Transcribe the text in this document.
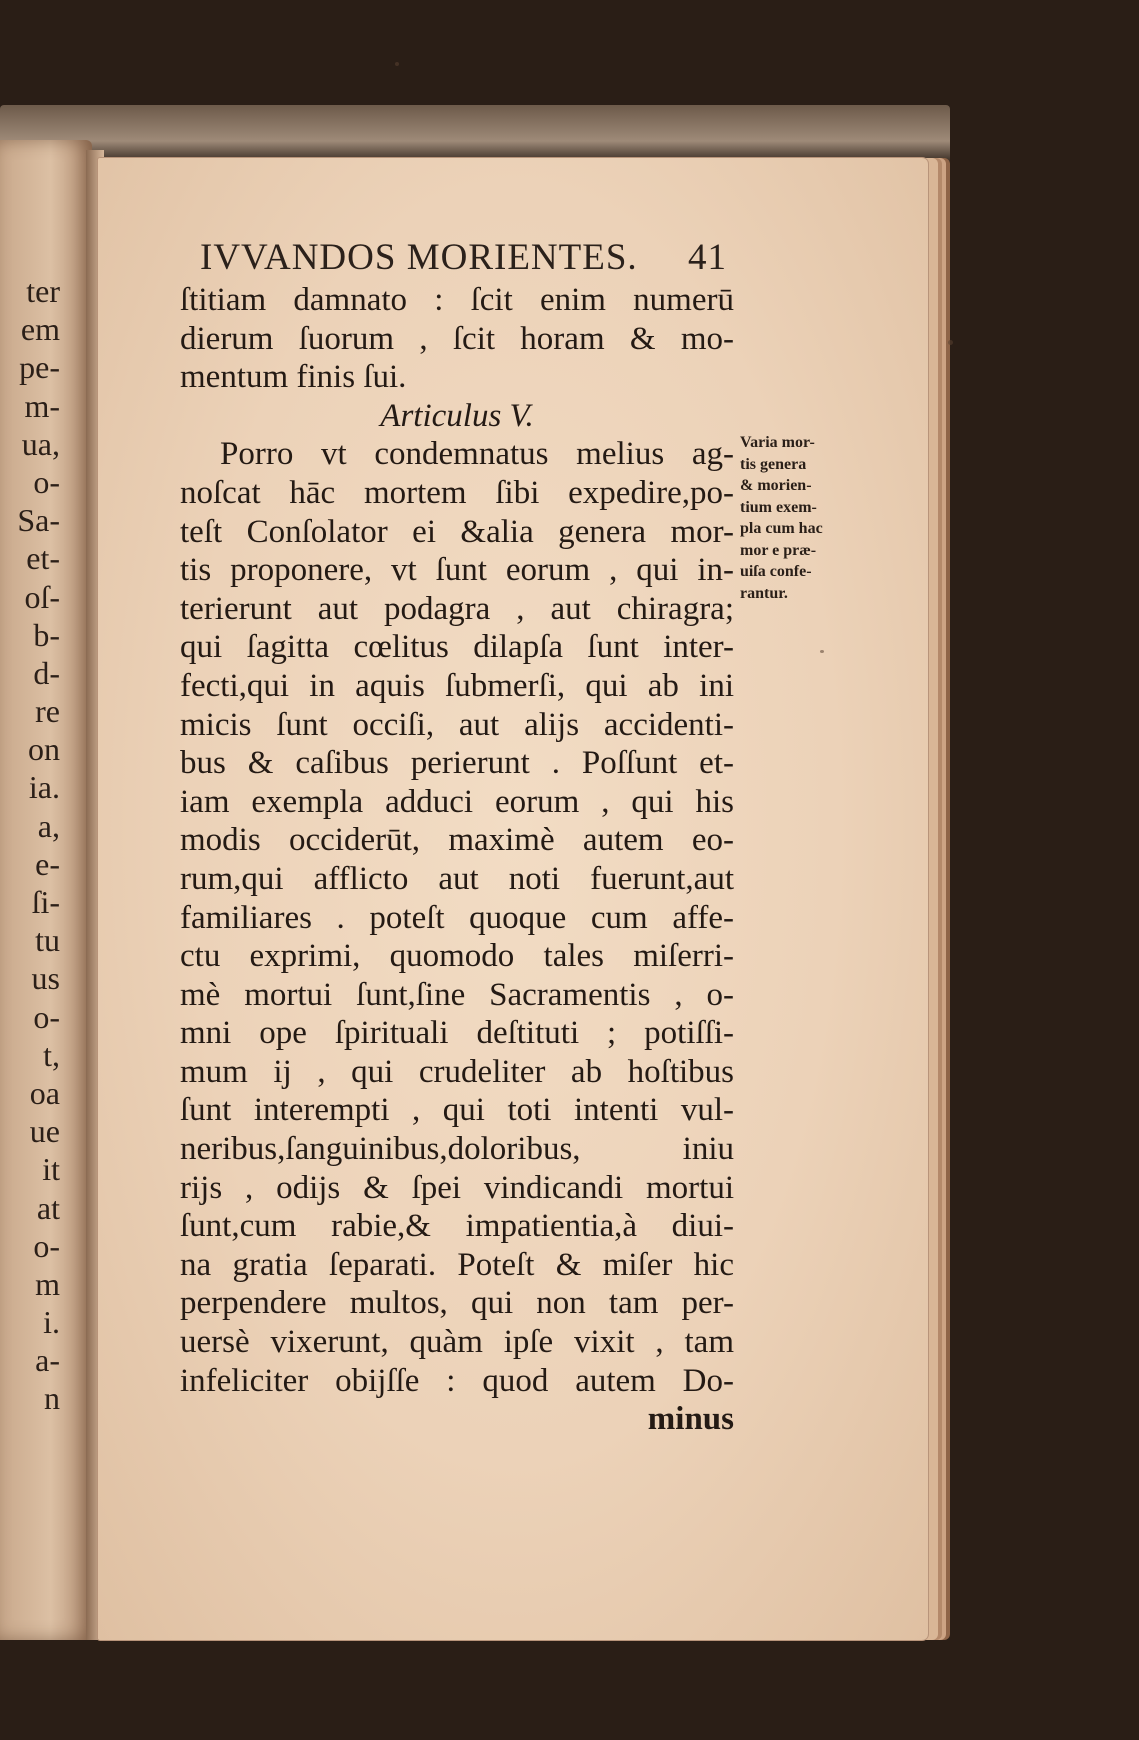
ter
em
pe-
m-
ua,
o-
Sa-
et-
oſ-
b-
d-
re
on
ia.
a,
e-
ſi-
tu
us
o-
t,
oa
ue
it
at
o-
m
i.
a-
n
IVVANDOS MORIENTES. 41
ſtitiam damnato : ſcit enim numerū
dierum ſuorum , ſcit horam & mo-
mentum finis ſui.
Articulus V.
Porro vt condemnatus melius ag-
noſcat hāc mortem ſibi expedire,po-
teſt Conſolator ei &alia genera mor-
tis proponere, vt ſunt eorum , qui in-
terierunt aut podagra , aut chiragra;
qui ſagitta cœlitus dilapſa ſunt inter-
fecti,qui in aquis ſubmerſi, qui ab ini
micis ſunt occiſi, aut alijs accidenti-
bus & caſibus perierunt . Poſſunt et-
iam exempla adduci eorum , qui his
modis occiderūt, maximè autem eo-
rum,qui afflicto aut noti fuerunt,aut
familiares . poteſt quoque cum affe-
ctu exprimi, quomodo tales miſerri-
mè mortui ſunt,ſine Sacramentis , o-
mni ope ſpirituali deſtituti ; potiſſi-
mum ij , qui crudeliter ab hoſtibus
ſunt interempti , qui toti intenti vul-
neribus,ſanguinibus,doloribus, iniu
rijs , odijs & ſpei vindicandi mortui
ſunt,cum rabie,& impatientia,à diui-
na gratia ſeparati. Poteſt & miſer hic
perpendere multos, qui non tam per-
uersè vixerunt, quàm ipſe vixit , tam
infeliciter obijſſe : quod autem Do-
minus
Varia mor-
tis genera
& morien-
tium exem-
pla cum hac
mor e præ-
uiſa confe-
rantur.
